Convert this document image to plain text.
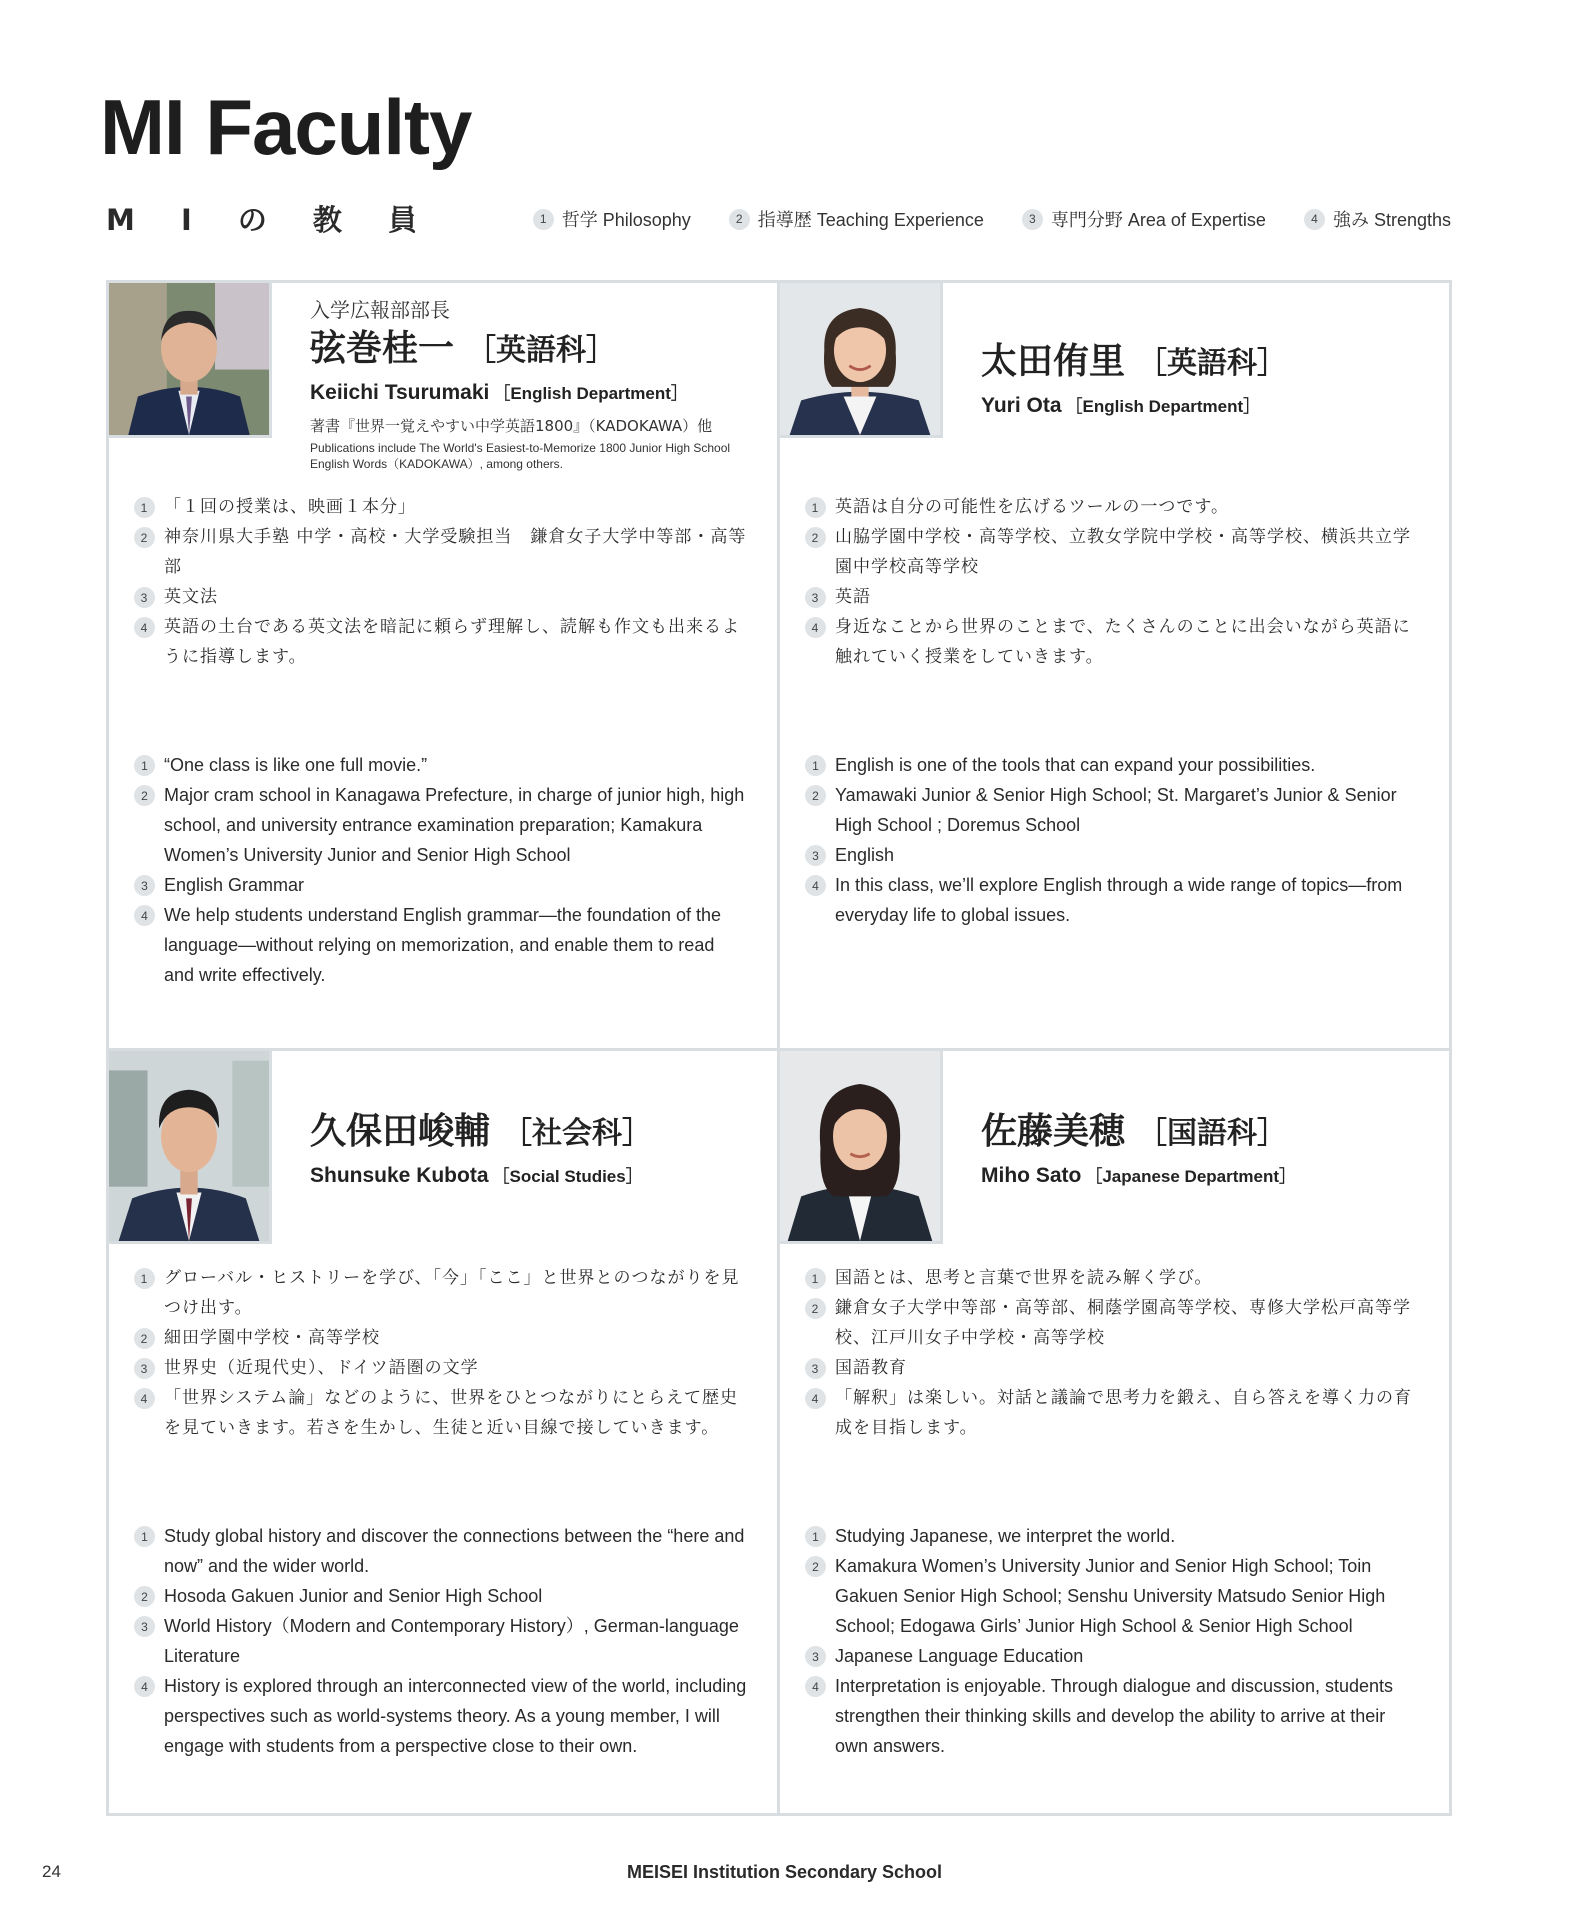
MI Faculty
M I の 教 員	1 哲学 Philosophy	2 指導歴 Teaching Experience	3 専門分野 Area of Expertise	4 強み Strengths
入学広報部部長
弦巻桂一 ［英語科］
Keiichi Tsurumaki ［English Department］
著書『世界一覚えやすい中学英語1800』（KADOKAWA）他
Publications include The World's Easiest-to-Memorize 1800 Junior High School English Words（KADOKAWA）, among others.
1 「１回の授業は、映画１本分」
2 神奈川県大手塾 中学・高校・大学受験担当　鎌倉女子大学中等部・高等部
3 英文法
4 英語の土台である英文法を暗記に頼らず理解し、読解も作文も出来るように指導します。
1 “One class is like one full movie.”
2 Major cram school in Kanagawa Prefecture, in charge of junior high, high school, and university entrance examination preparation; Kamakura Women’s University Junior and Senior High School
3 English Grammar
4 We help students understand English grammar—the foundation of the language—without relying on memorization, and enable them to read and write effectively.
太田侑里 ［英語科］
Yuri Ota ［English Department］
1 英語は自分の可能性を広げるツールの一つです。
2 山脇学園中学校・高等学校、立教女学院中学校・高等学校、横浜共立学園中学校高等学校
3 英語
4 身近なことから世界のことまで、たくさんのことに出会いながら英語に触れていく授業をしていきます。
1 English is one of the tools that can expand your possibilities.
2 Yamawaki Junior & Senior High School; St. Margaret’s Junior & Senior High School ; Doremus School
3 English
4 In this class, we’ll explore English through a wide range of topics—from everyday life to global issues.
久保田峻輔 ［社会科］
Shunsuke Kubota ［Social Studies］
1 グローバル・ヒストリーを学び、「今」「ここ」と世界とのつながりを見つけ出す。
2 細田学園中学校・高等学校
3 世界史（近現代史）、ドイツ語圏の文学
4 「世界システム論」などのように、世界をひとつながりにとらえて歴史を見ていきます。若さを生かし、生徒と近い目線で接していきます。
1 Study global history and discover the connections between the “here and now” and the wider world.
2 Hosoda Gakuen Junior and Senior High School
3 World History（Modern and Contemporary History）, German-language Literature
4 History is explored through an interconnected view of the world, including perspectives such as world-systems theory. As a young member, I will engage with students from a perspective close to their own.
佐藤美穂 ［国語科］
Miho Sato ［Japanese Department］
1 国語とは、思考と言葉で世界を読み解く学び。
2 鎌倉女子大学中等部・高等部、桐蔭学園高等学校、専修大学松戸高等学校、江戸川女子中学校・高等学校
3 国語教育
4 「解釈」は楽しい。対話と議論で思考力を鍛え、自ら答えを導く力の育成を目指します。
1 Studying Japanese, we interpret the world.
2 Kamakura Women’s University Junior and Senior High School; Toin Gakuen Senior High School; Senshu University Matsudo Senior High School; Edogawa Girls’ Junior High School & Senior High School
3 Japanese Language Education
4 Interpretation is enjoyable. Through dialogue and discussion, students strengthen their thinking skills and develop the ability to arrive at their own answers.
24	MEISEI Institution Secondary School
